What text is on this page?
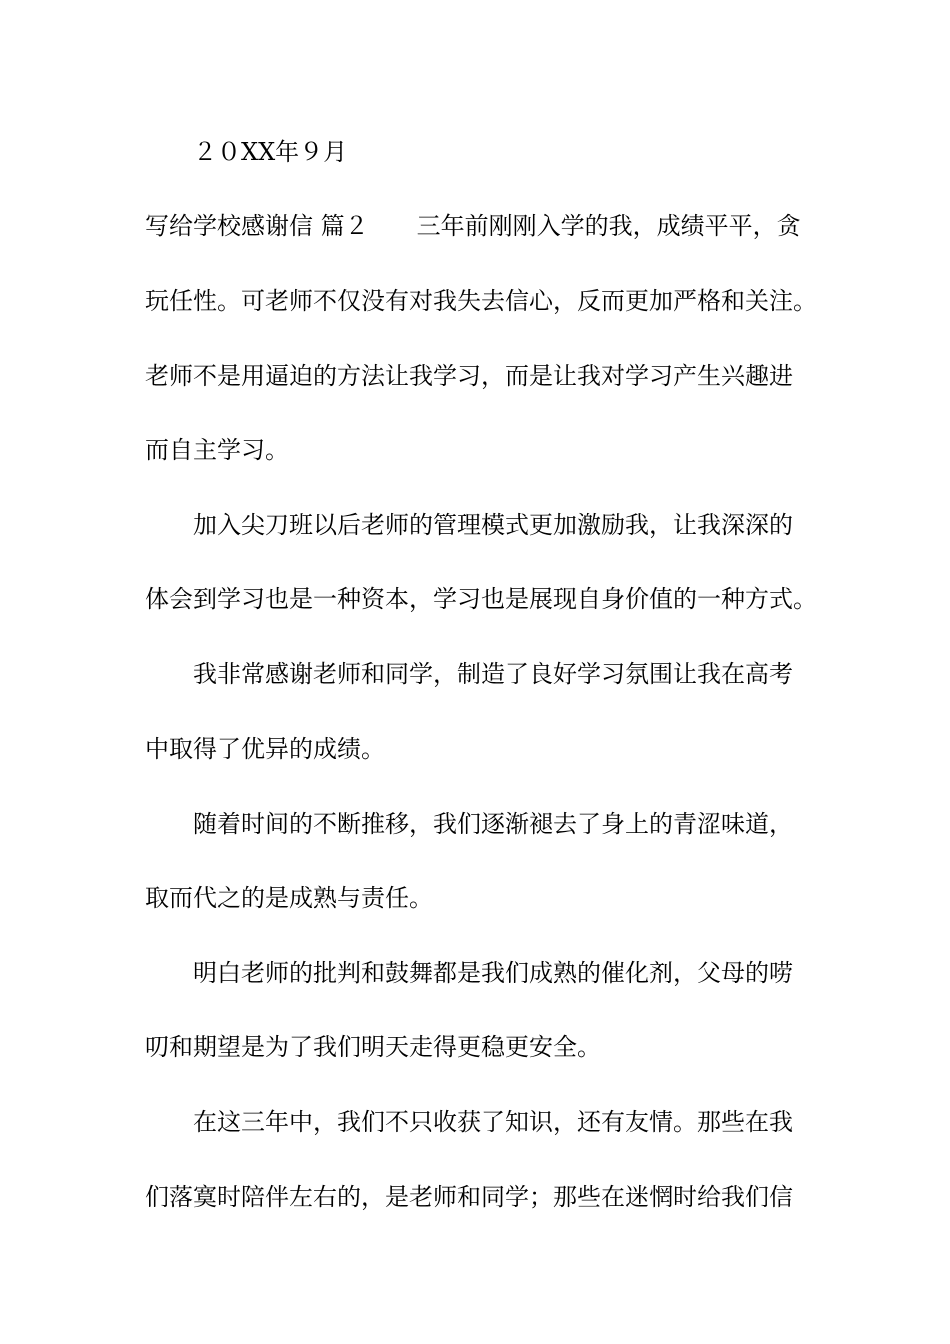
２０XX年９月

写给学校感谢信 篇２ 三年前刚刚入学的我，成绩平平，贪

玩任性。可老师不仅没有对我失去信心，反而更加严格和关注。

老师不是用逼迫的方法让我学习，而是让我对学习产生兴趣进

而自主学习。

加入尖刀班以后老师的管理模式更加激励我，让我深深的

体会到学习也是一种资本，学习也是展现自身价值的一种方式。

我非常感谢老师和同学，制造了良好学习氛围让我在高考

中取得了优异的成绩。

随着时间的不断推移，我们逐渐褪去了身上的青涩味道，

取而代之的是成熟与责任。

明白老师的批判和鼓舞都是我们成熟的催化剂，父母的唠

叨和期望是为了我们明天走得更稳更安全。

在这三年中，我们不只收获了知识，还有友情。那些在我

们落寞时陪伴左右的，是老师和同学；那些在迷惘时给我们信
